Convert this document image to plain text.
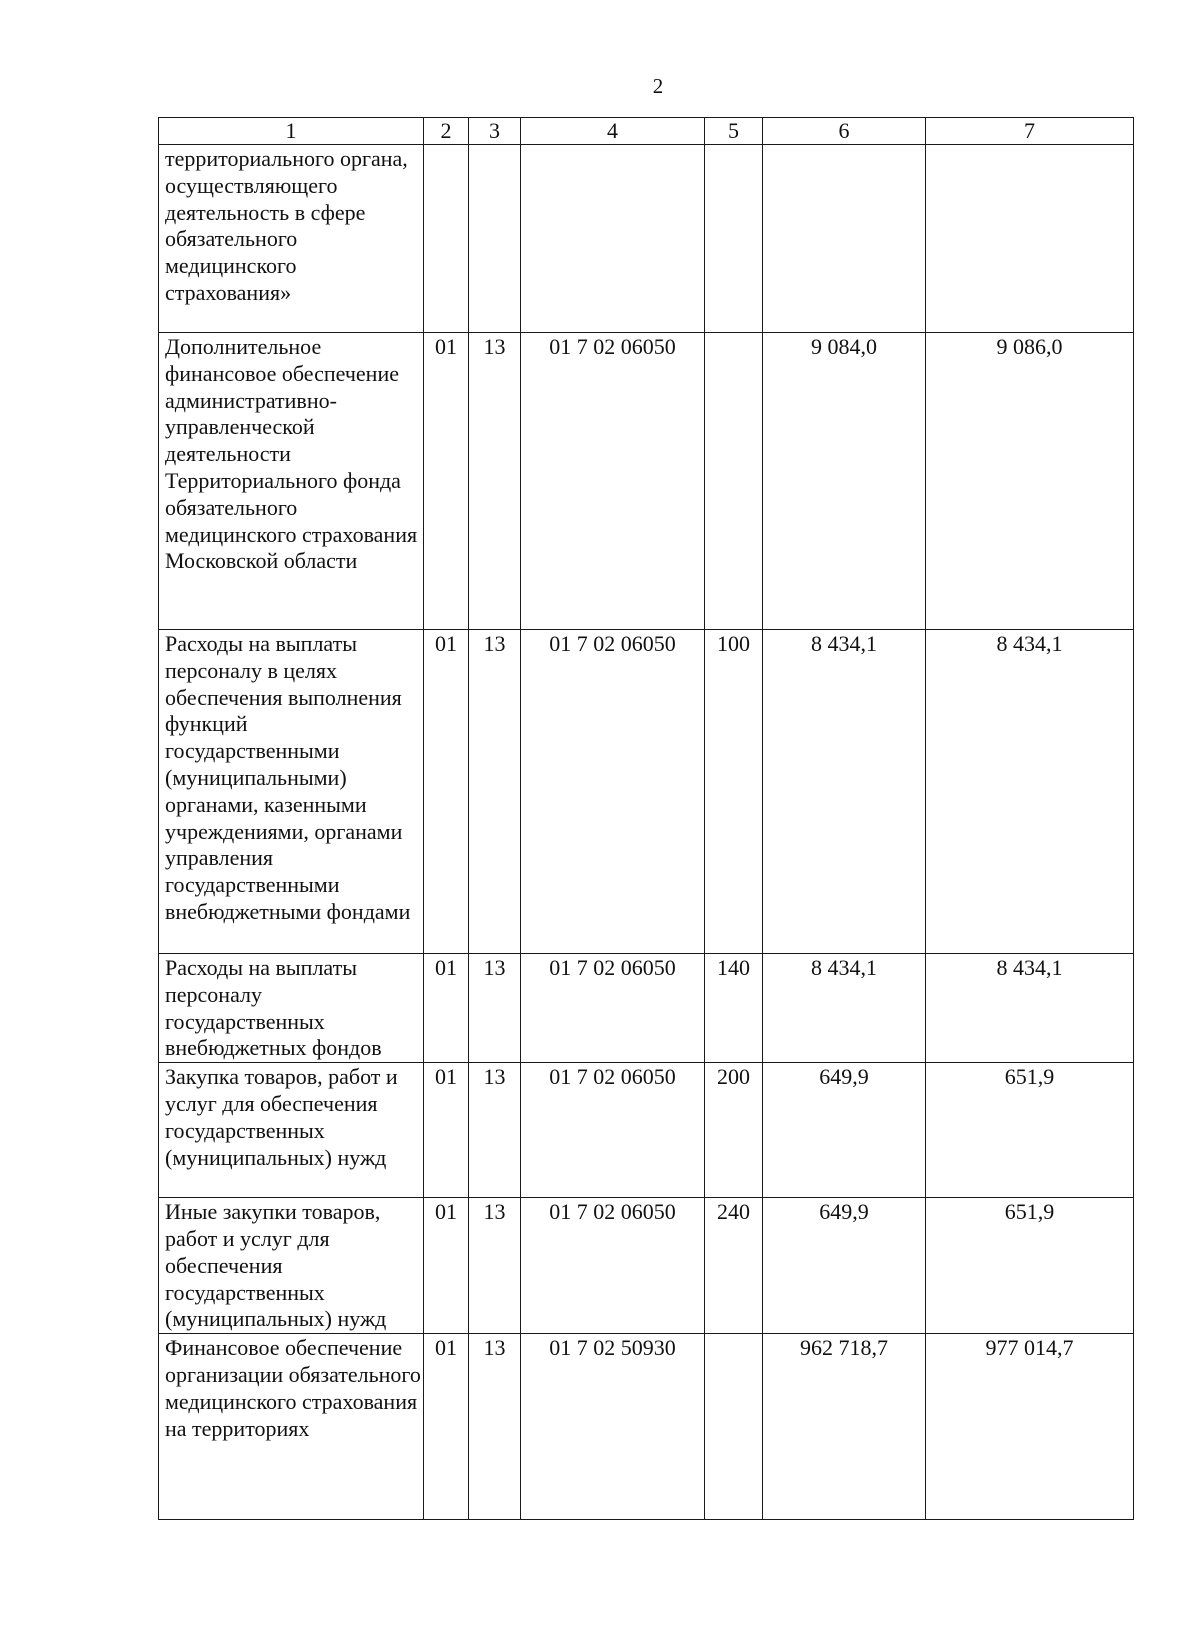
2
1	2	3	4	5	6	7
территориального органа, осуществляющего деятельность в сфере обязательного медицинского страхования»						
Дополнительное финансовое обеспечение административно-управленческой деятельности Территориального фонда обязательного медицинского страхования Московской области	01	13	01 7 02 06050		9 084,0	9 086,0
Расходы на выплаты персоналу в целях обеспечения выполнения функций государственными (муниципальными) органами, казенными учреждениями, органами управления государственными внебюджетными фондами	01	13	01 7 02 06050	100	8 434,1	8 434,1
Расходы на выплаты персоналу государственных внебюджетных фондов	01	13	01 7 02 06050	140	8 434,1	8 434,1
Закупка товаров, работ и услуг для обеспечения государственных (муниципальных) нужд	01	13	01 7 02 06050	200	649,9	651,9
Иные закупки товаров, работ и услуг для обеспечения государственных (муниципальных) нужд	01	13	01 7 02 06050	240	649,9	651,9
Финансовое обеспечение организации обязательного медицинского страхования на территориях	01	13	01 7 02 50930		962 718,7	977 014,7
